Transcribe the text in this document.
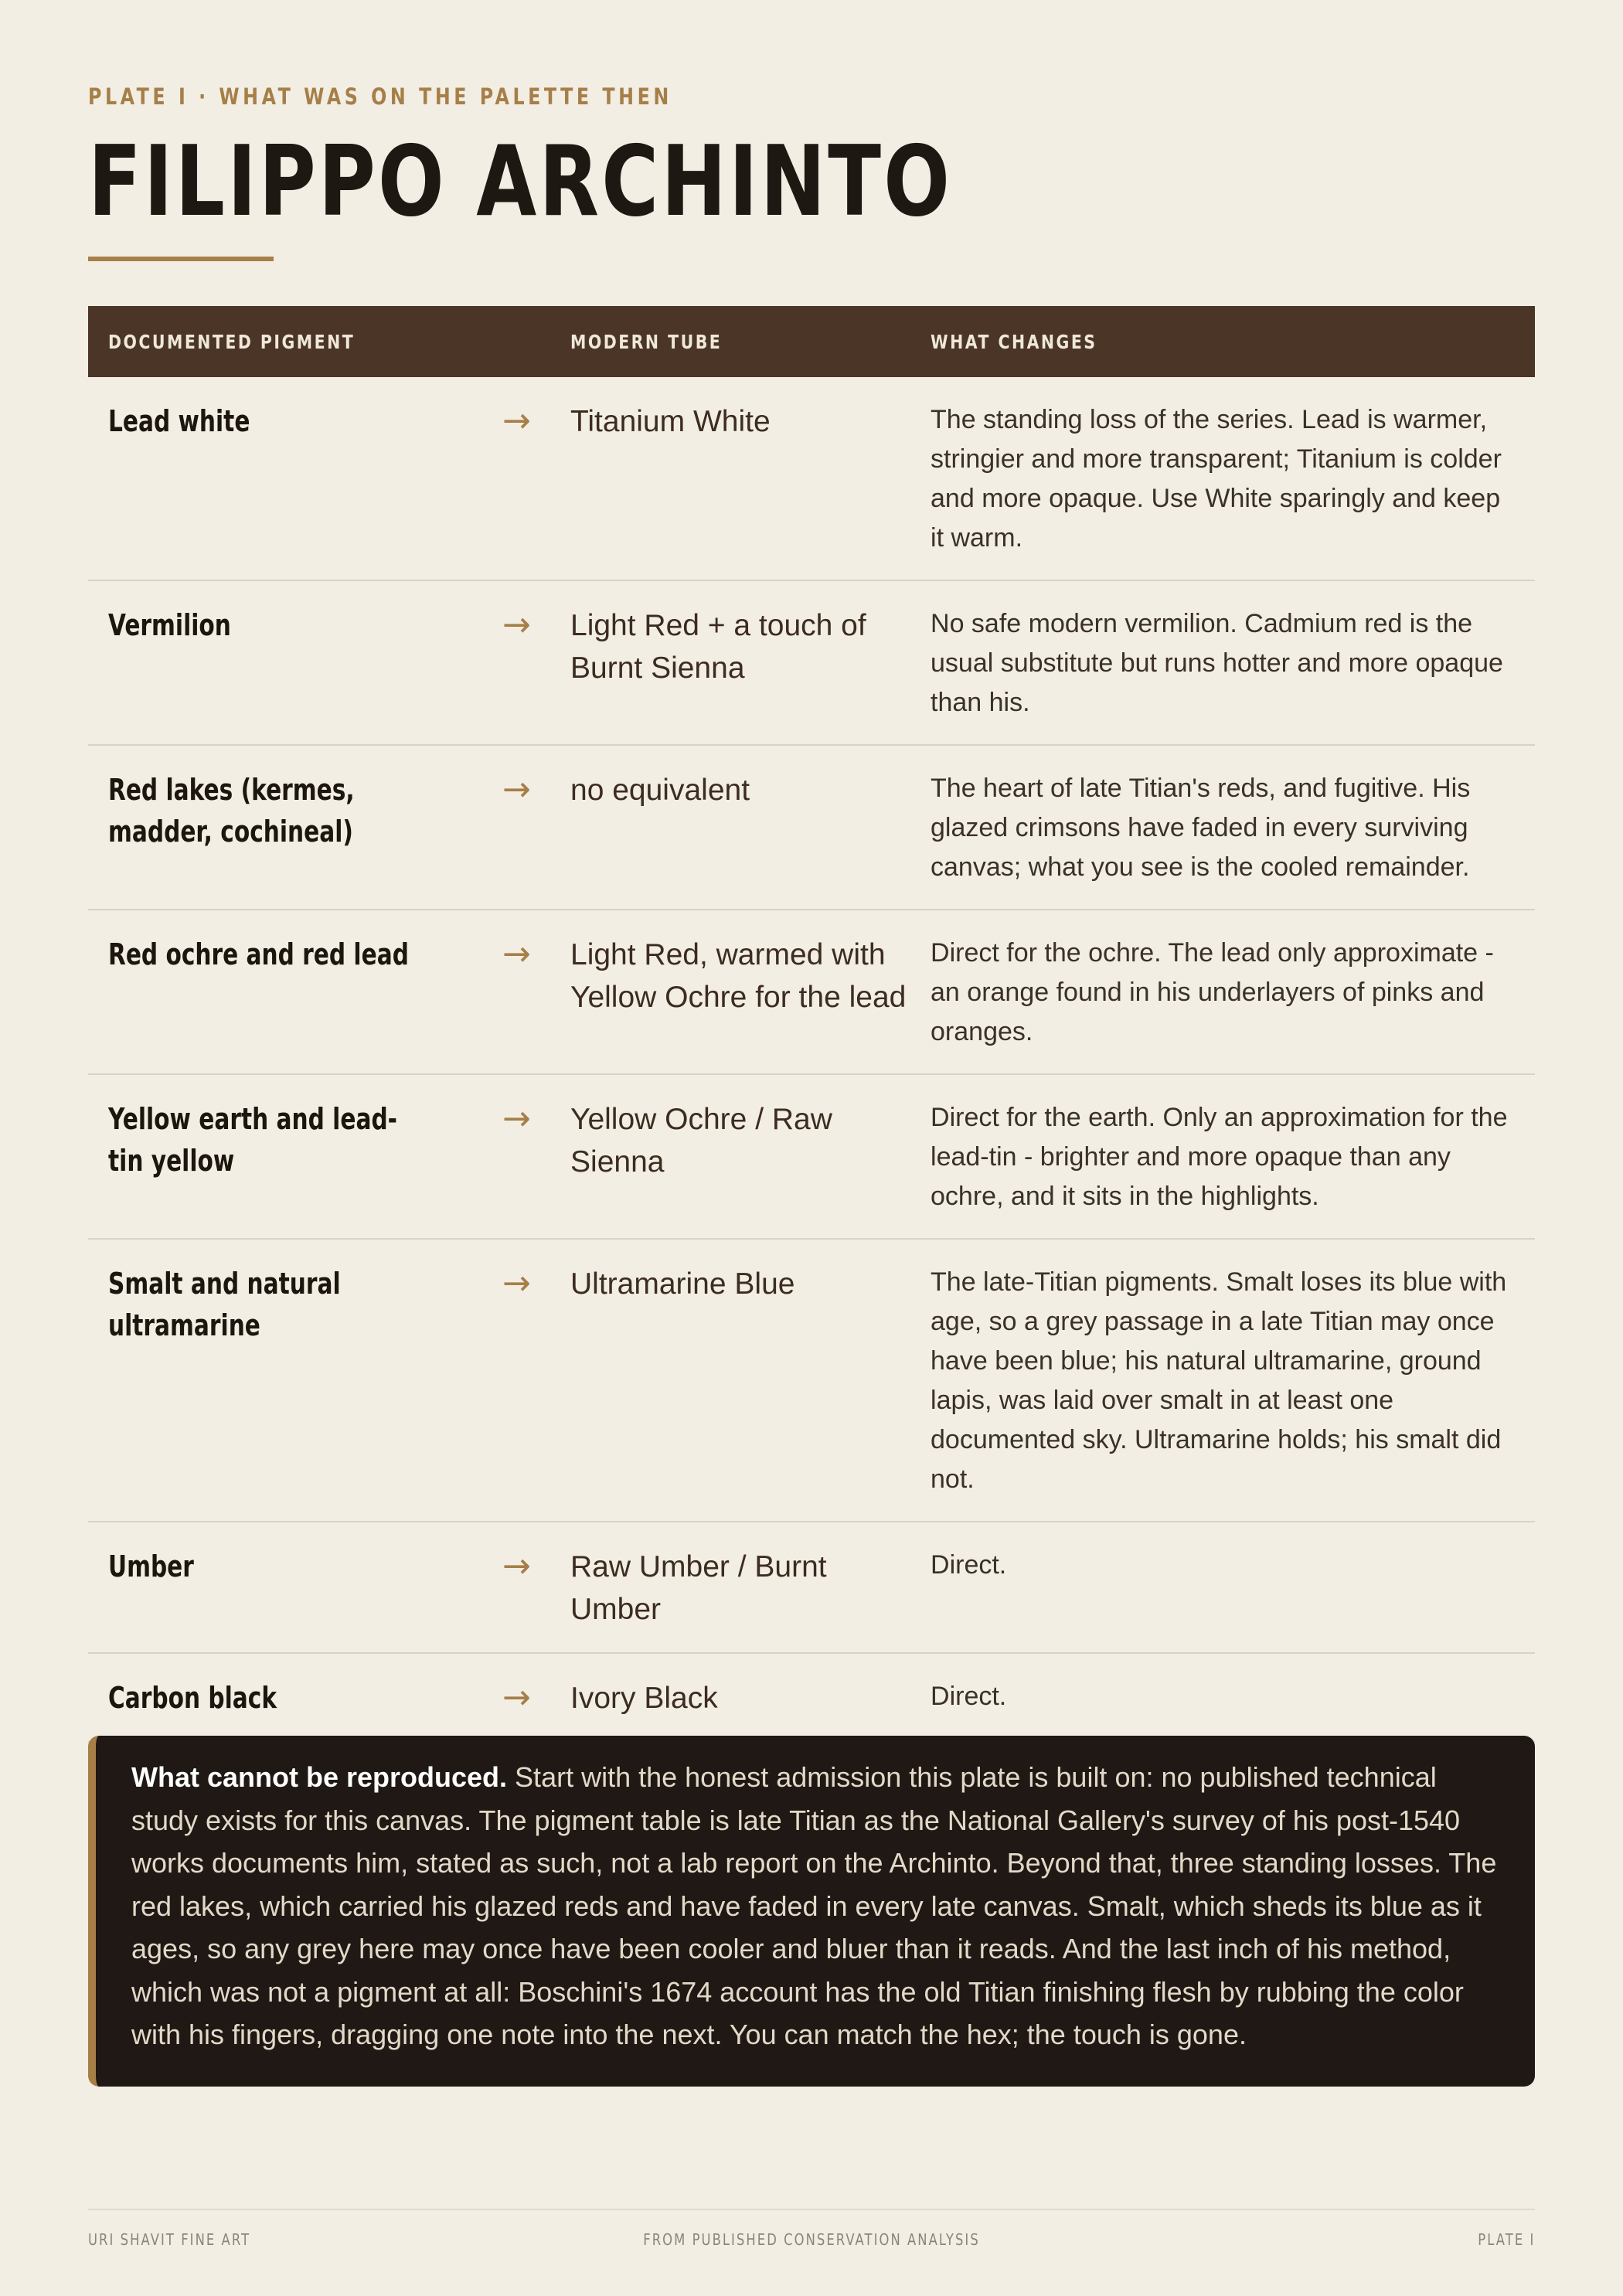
PLATE I · WHAT WAS ON THE PALETTE THEN
FILIPPO ARCHINTO
DOCUMENTED PIGMENT		MODERN TUBE	WHAT CHANGES

Lead white	→	Titanium White	The standing loss of the series. Lead is warmer, stringier and more transparent; Titanium is colder and more opaque. Use White sparingly and keep it warm.

Vermilion	→	Light Red + a touch of Burnt Sienna	No safe modern vermilion. Cadmium red is the usual substitute but runs hotter and more opaque than his.

Red lakes (kermes, madder, cochineal)	→	no equivalent	The heart of late Titian's reds, and fugitive. His glazed crimsons have faded in every surviving canvas; what you see is the cooled remainder.

Red ochre and red lead	→	Light Red, warmed with Yellow Ochre for the lead	Direct for the ochre. The lead only approximate - an orange found in his underlayers of pinks and oranges.

Yellow earth and lead-tin yellow	→	Yellow Ochre / Raw Sienna	Direct for the earth. Only an approximation for the lead-tin - brighter and more opaque than any ochre, and it sits in the highlights.

Smalt and natural ultramarine	→	Ultramarine Blue	The late-Titian pigments. Smalt loses its blue with age, so a grey passage in a late Titian may once have been blue; his natural ultramarine, ground lapis, was laid over smalt in at least one documented sky. Ultramarine holds; his smalt did not.

Umber	→	Raw Umber / Burnt Umber	Direct.

Carbon black	→	Ivory Black	Direct.
What cannot be reproduced. Start with the honest admission this plate is built on: no published technical study exists for this canvas. The pigment table is late Titian as the National Gallery's survey of his post-1540 works documents him, stated as such, not a lab report on the Archinto. Beyond that, three standing losses. The red lakes, which carried his glazed reds and have faded in every late canvas. Smalt, which sheds its blue as it ages, so any grey here may once have been cooler and bluer than it reads. And the last inch of his method, which was not a pigment at all: Boschini's 1674 account has the old Titian finishing flesh by rubbing the color with his fingers, dragging one note into the next. You can match the hex; the touch is gone.
URI SHAVIT FINE ART	FROM PUBLISHED CONSERVATION ANALYSIS	PLATE I
